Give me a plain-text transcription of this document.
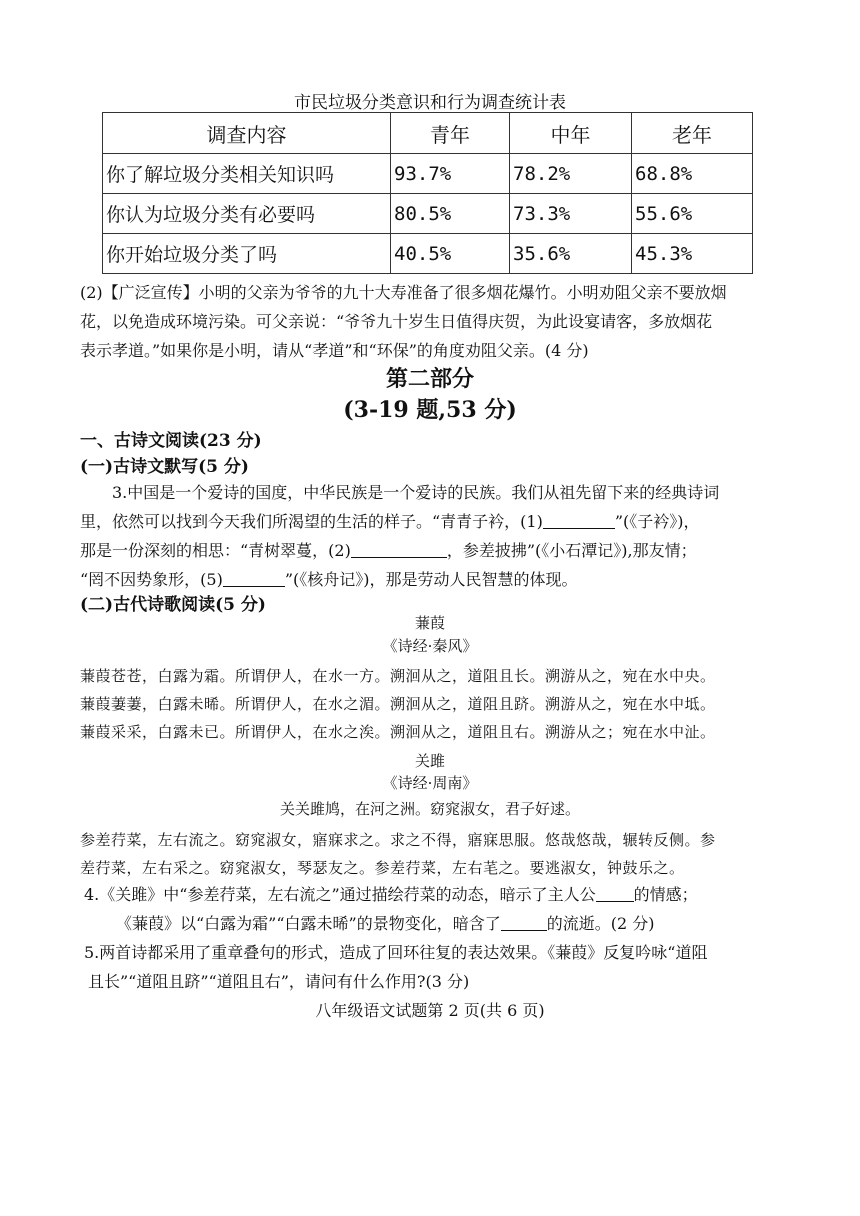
市民垃圾分类意识和行为调查统计表
调查内容	青年	中年	老年
你了解垃圾分类相关知识吗	93.7%	78.2%	68.8%
你认为垃圾分类有必要吗	80.5%	73.3%	55.6%
你开始垃圾分类了吗	40.5%	35.6%	45.3%
(2)【广泛宣传】小明的父亲为爷爷的九十大寿准备了很多烟花爆竹。小明劝阻父亲不要放烟
花，以免造成环境污染。可父亲说：“爷爷九十岁生日值得庆贺，为此设宴请客，多放烟花
表示孝道。”如果你是小明，请从“孝道”和“环保”的角度劝阻父亲。(4 分)
第二部分
(3-19 题,53 分)
一、古诗文阅读(23 分)
(一)古诗文默写(5 分)
3.中国是一个爱诗的国度，中华民族是一个爱诗的民族。我们从祖先留下来的经典诗词
里，依然可以找到今天我们所渴望的生活的样子。“青青子衿，(1)	”(《子衿》)，
那是一份深刻的相思：“青树翠蔓，(2)	，参差披拂”(《小石潭记》),那友情；
“罔不因势象形，(5)	”(《核舟记》)，那是劳动人民智慧的体现。
(二)古代诗歌阅读(5 分)
蒹葭
《诗经·秦风》
蒹葭苍苍，白露为霜。所谓伊人，在水一方。溯洄从之，道阻且长。溯游从之，宛在水中央。
蒹葭萋萋，白露未晞。所谓伊人，在水之湄。溯洄从之，道阻且跻。溯游从之，宛在水中坻。
蒹葭采采，白露未已。所谓伊人，在水之涘。溯洄从之，道阻且右。溯游从之；宛在水中沚。
关雎
《诗经·周南》
关关雎鸠，在河之洲。窈窕淑女，君子好逑。
参差荇菜，左右流之。窈窕淑女，寤寐求之。求之不得，寤寐思服。悠哉悠哉，辗转反侧。参
差荇菜，左右采之。窈窕淑女，琴瑟友之。参差荇菜，左右芼之。要逃淑女，钟鼓乐之。
4.《关雎》中“参差荇菜，左右流之”通过描绘荇菜的动态，暗示了主人公 的情感；
《蒹葭》以“白露为霜”“白露未晞”的景物变化，暗含了	的流逝。(2 分)
5.两首诗都采用了重章叠句的形式，造成了回环往复的表达效果。《蒹葭》反复吟咏“道阻
且长”“道阻且跻”“道阻且右”，请问有什么作用?(3 分)
八年级语文试题第 2 页(共 6 页)
